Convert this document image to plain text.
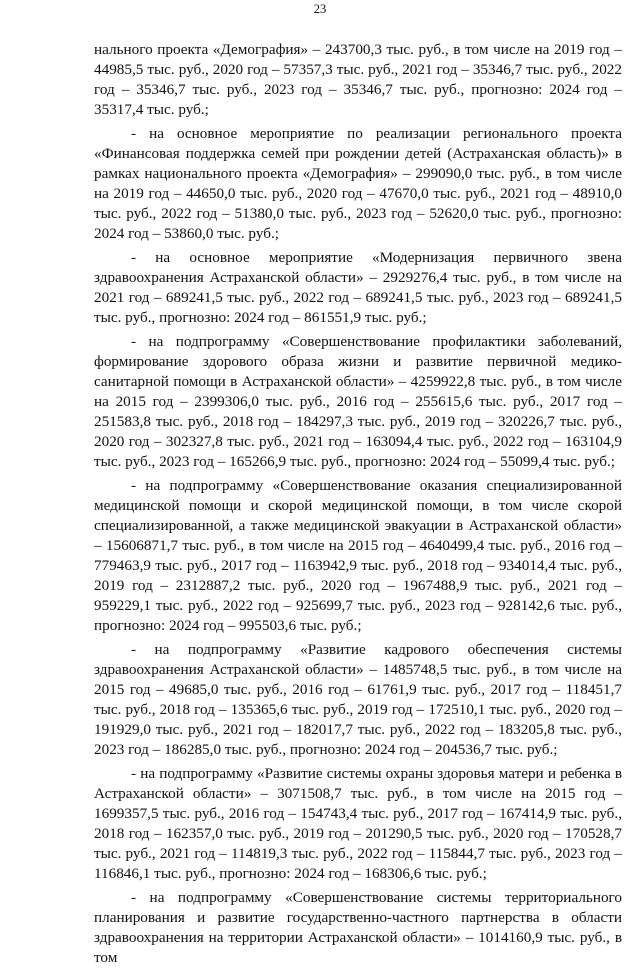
23

нального проекта «Демография» – 243700,3 тыс. руб., в том числе на 2019 год – 44985,5 тыс. руб., 2020 год – 57357,3 тыс. руб., 2021 год – 35346,7 тыс. руб., 2022 год – 35346,7 тыс. руб., 2023 год – 35346,7 тыс. руб., прогнозно: 2024 год – 35317,4 тыс. руб.;

- на основное мероприятие по реализации регионального проекта «Финансовая поддержка семей при рождении детей (Астраханская область)» в рамках национального проекта «Демография» – 299090,0 тыс. руб., в том числе на 2019 год – 44650,0 тыс. руб., 2020 год – 47670,0 тыс. руб., 2021 год – 48910,0 тыс. руб., 2022 год – 51380,0 тыс. руб., 2023 год – 52620,0 тыс. руб., прогнозно: 2024 год – 53860,0 тыс. руб.;

- на основное мероприятие «Модернизация первичного звена здравоохранения Астраханской области» – 2929276,4 тыс. руб., в том числе на 2021 год – 689241,5 тыс. руб., 2022 год – 689241,5 тыс. руб., 2023 год – 689241,5 тыс. руб., прогнозно: 2024 год – 861551,9 тыс. руб.;

- на подпрограмму «Совершенствование профилактики заболеваний, формирование здорового образа жизни и развитие первичной медико-санитарной помощи в Астраханской области» – 4259922,8 тыс. руб., в том числе на 2015 год – 2399306,0 тыс. руб., 2016 год – 255615,6 тыс. руб., 2017 год – 251583,8 тыс. руб., 2018 год – 184297,3 тыс. руб., 2019 год – 320226,7 тыс. руб., 2020 год – 302327,8 тыс. руб., 2021 год – 163094,4 тыс. руб., 2022 год – 163104,9 тыс. руб., 2023 год – 165266,9 тыс. руб., прогнозно: 2024 год – 55099,4 тыс. руб.;

- на подпрограмму «Совершенствование оказания специализированной медицинской помощи и скорой медицинской помощи, в том числе скорой специализированной, а также медицинской эвакуации в Астраханской области» – 15606871,7 тыс. руб., в том числе на 2015 год – 4640499,4 тыс. руб., 2016 год – 779463,9 тыс. руб., 2017 год – 1163942,9 тыс. руб., 2018 год – 934014,4 тыс. руб., 2019 год – 2312887,2 тыс. руб., 2020 год – 1967488,9 тыс. руб., 2021 год – 959229,1 тыс. руб., 2022 год – 925699,7 тыс. руб., 2023 год – 928142,6 тыс. руб., прогнозно: 2024 год – 995503,6 тыс. руб.;

- на подпрограмму «Развитие кадрового обеспечения системы здравоохранения Астраханской области» – 1485748,5 тыс. руб., в том числе на 2015 год – 49685,0 тыс. руб., 2016 год – 61761,9 тыс. руб., 2017 год – 118451,7 тыс. руб., 2018 год – 135365,6 тыс. руб., 2019 год – 172510,1 тыс. руб., 2020 год – 191929,0 тыс. руб., 2021 год – 182017,7 тыс. руб., 2022 год – 183205,8 тыс. руб., 2023 год – 186285,0 тыс. руб., прогнозно: 2024 год – 204536,7 тыс. руб.;

- на подпрограмму «Развитие системы охраны здоровья матери и ребенка в Астраханской области» – 3071508,7 тыс. руб., в том числе на 2015 год – 1699357,5 тыс. руб., 2016 год – 154743,4 тыс. руб., 2017 год – 167414,9 тыс. руб., 2018 год – 162357,0 тыс. руб., 2019 год – 201290,5 тыс. руб., 2020 год – 170528,7 тыс. руб., 2021 год – 114819,3 тыс. руб., 2022 год – 115844,7 тыс. руб., 2023 год – 116846,1 тыс. руб., прогнозно: 2024 год – 168306,6 тыс. руб.;

- на подпрограмму «Совершенствование системы территориального планирования и развитие государственно-частного партнерства в области здравоохранения на территории Астраханской области» – 1014160,9 тыс. руб., в том
